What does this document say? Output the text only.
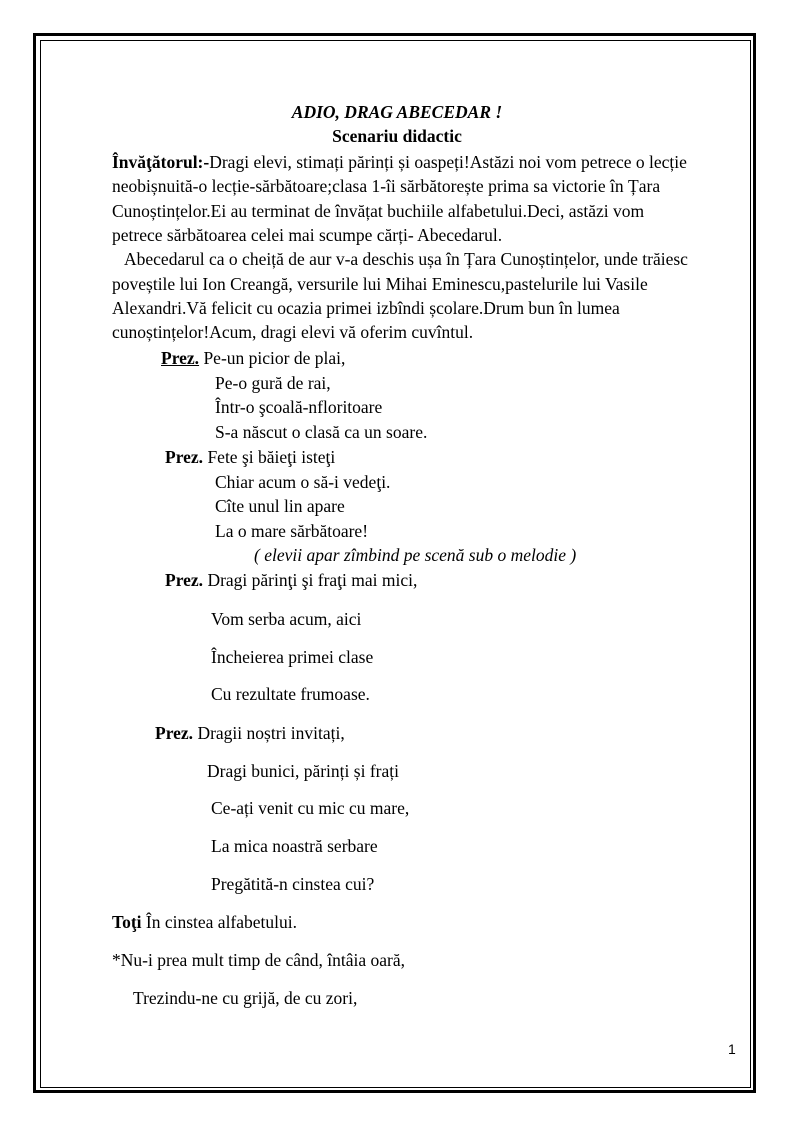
ADIO, DRAG ABECEDAR !
Scenariu didactic
Învăţătorul:-Dragi elevi, stimați părinți și oaspeți!Astăzi noi vom petrece o lecție
neobișnuită-o lecție-sărbătoare;clasa 1-îi sărbătorește prima sa victorie în Țara
Cunoștințelor.Ei au terminat de învățat buchiile alfabetului.Deci, astăzi vom
petrece sărbătoarea celei mai scumpe cărți- Abecedarul.
Abecedarul ca o cheiță de aur v-a deschis ușa în Țara Cunoștințelor, unde trăiesc
poveștile lui Ion Creangă, versurile lui Mihai Eminescu,pastelurile lui Vasile
Alexandri.Vă felicit cu ocazia primei izbîndi școlare.Drum bun în lumea
cunoștințelor!Acum, dragi elevi vă oferim cuvîntul.
Prez. Pe-un picior de plai,
Pe-o gură de rai,
Într-o şcoală-nfloritoare
S-a născut o clasă ca un soare.
Prez. Fete şi băieţi isteţi
Chiar acum o să-i vedeţi.
Cîte unul lin apare
La o mare sărbătoare!
( elevii apar zîmbind pe scenă sub o melodie )
Prez. Dragi părinţi şi fraţi mai mici,
Vom serba acum, aici
Încheierea primei clase
Cu rezultate frumoase.
Prez. Dragii noștri invitați,
Dragi bunici, părinți și frați
Ce-ați venit cu mic cu mare,
La mica noastră serbare
Pregătită-n cinstea cui?
Toţi În cinstea alfabetului.
*Nu-i prea mult timp de când, întâia oară,
Trezindu-ne cu grijă, de cu zori,
1
